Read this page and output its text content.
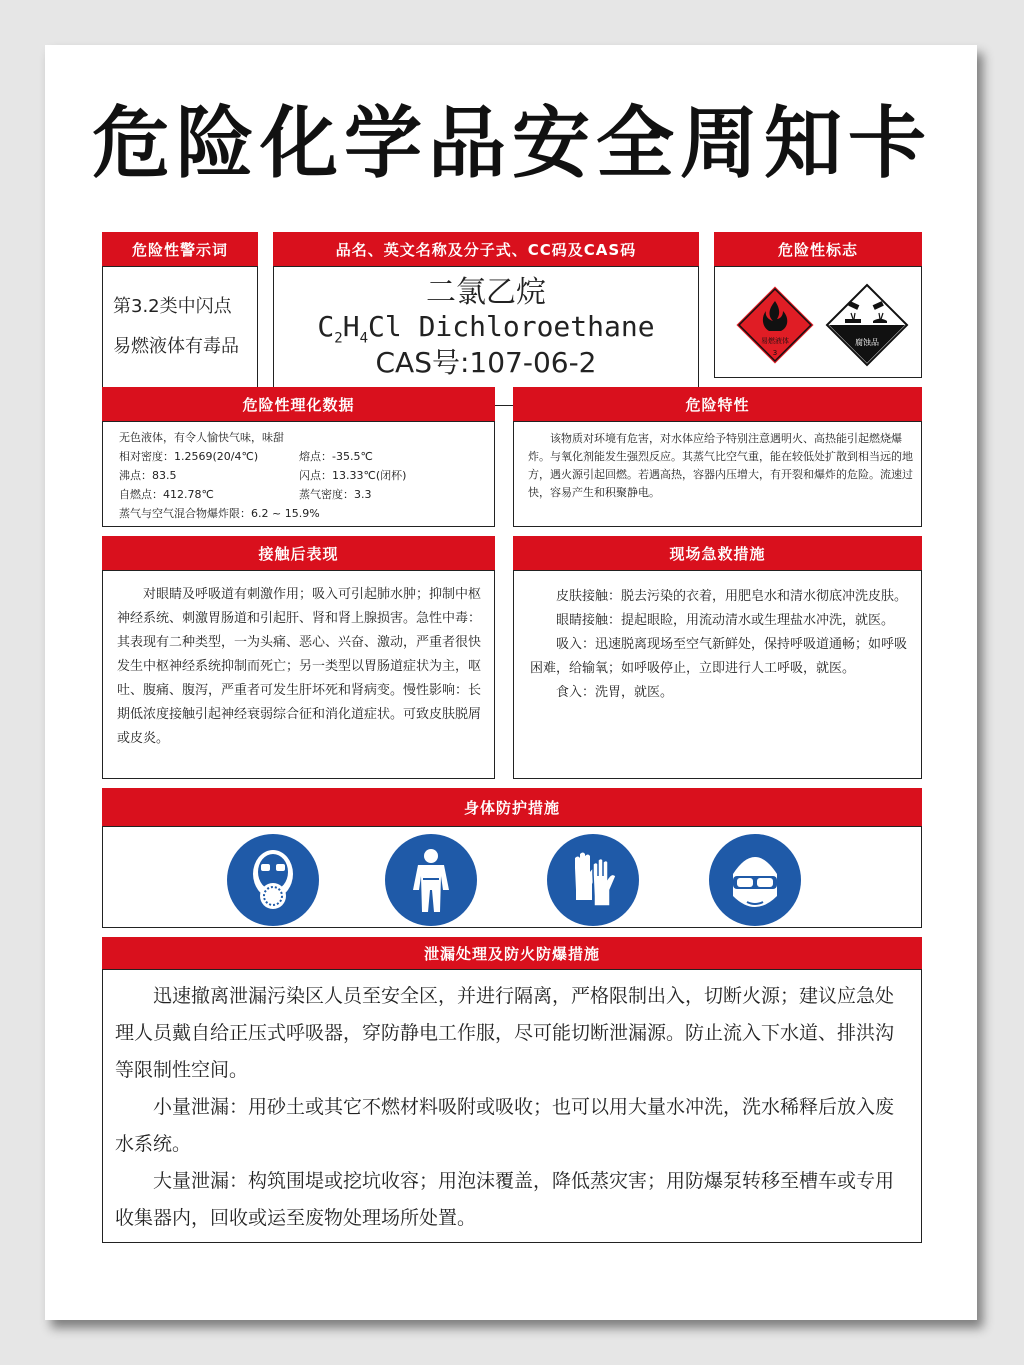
危险化学品安全周知卡
危险性警示词
第3.2类中闪点易燃液体有毒品
品名、英文名称及分子式、CC码及CAS码
二氯乙烷
$C_2H_4Cl$ Dichloroethane
CAS号:107-06-2
危险性标志
易燃液体
3
腐蚀品
危险性理化数据
无色液体，有令人愉快气味，味甜
相对密度：1.2569(20/4℃)	熔点：-35.5℃
沸点：83.5	闪点：13.33℃(闭杯)
自燃点：412.78℃	蒸气密度：3.3
蒸气与空气混合物爆炸限：6.2 ~ 15.9%
危险特性
该物质对环境有危害，对水体应给予特别注意遇明火、高热能引起燃烧爆炸。与氧化剂能发生强烈反应。其蒸气比空气重，能在较低处扩散到相当远的地方，遇火源引起回燃。若遇高热，容器内压增大，有开裂和爆炸的危险。流速过快，容易产生和积聚静电。
接触后表现
对眼睛及呼吸道有刺激作用；吸入可引起肺水肿；抑制中枢神经系统、刺激胃肠道和引起肝、肾和肾上腺损害。急性中毒：其表现有二种类型，一为头痛、恶心、兴奋、激动，严重者很快发生中枢神经系统抑制而死亡；另一类型以胃肠道症状为主，呕吐、腹痛、腹泻，严重者可发生肝坏死和肾病变。慢性影响：长期低浓度接触引起神经衰弱综合征和消化道症状。可致皮肤脱屑或皮炎。
现场急救措施
皮肤接触：脱去污染的衣着，用肥皂水和清水彻底冲洗皮肤。
眼睛接触：提起眼睑，用流动清水或生理盐水冲洗，就医。
吸入：迅速脱离现场至空气新鲜处，保持呼吸道通畅；如呼吸困难，给输氧；如呼吸停止，立即进行人工呼吸，就医。
食入：洗胃，就医。
身体防护措施
泄漏处理及防火防爆措施
迅速撤离泄漏污染区人员至安全区，并进行隔离，严格限制出入，切断火源；建议应急处理人员戴自给正压式呼吸器，穿防静电工作服，尽可能切断泄漏源。防止流入下水道、排洪沟等限制性空间。
小量泄漏：用砂土或其它不燃材料吸附或吸收；也可以用大量水冲洗，洗水稀释后放入废水系统。
大量泄漏：构筑围堤或挖坑收容；用泡沫覆盖，降低蒸灾害；用防爆泵转移至槽车或专用收集器内，回收或运至废物处理场所处置。
